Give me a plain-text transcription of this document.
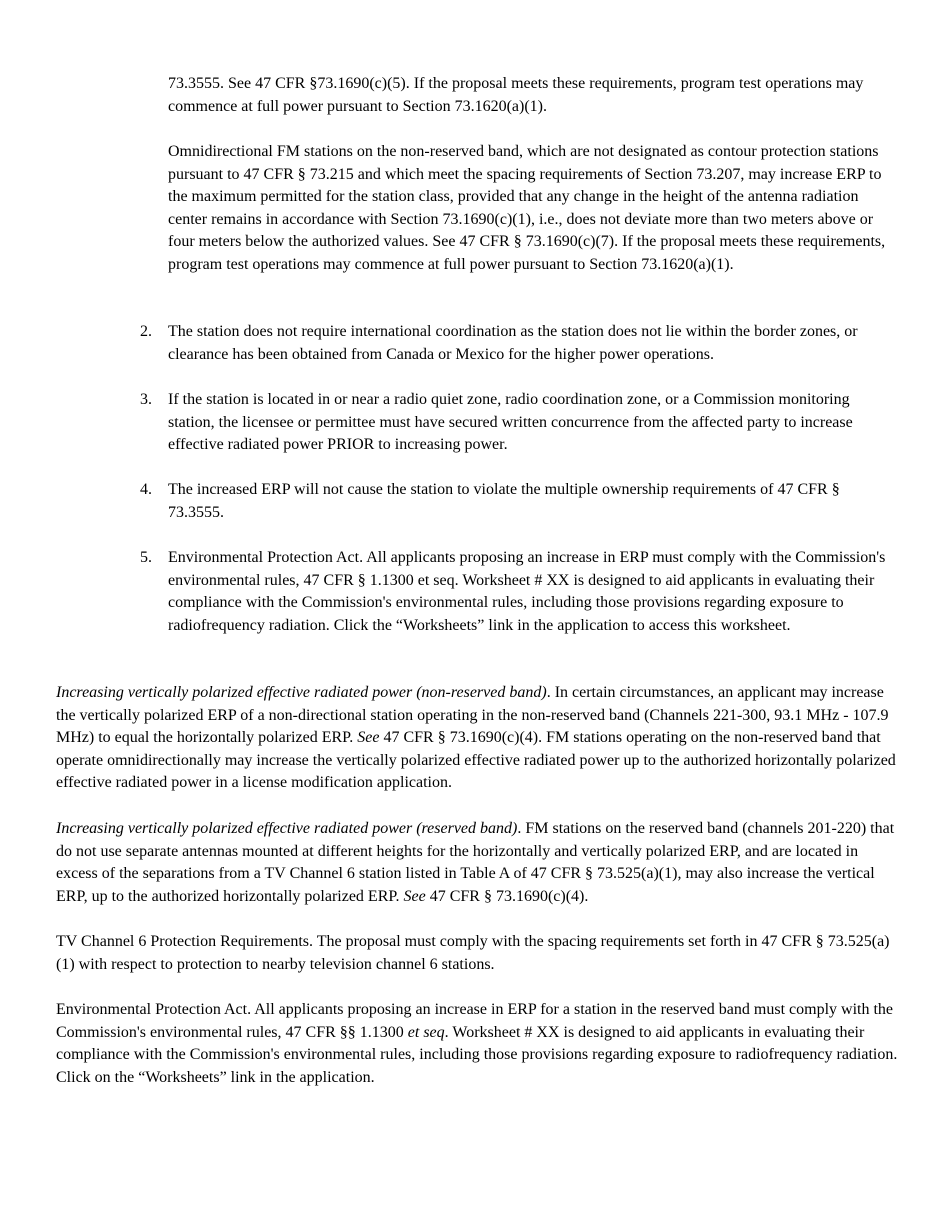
73.3555. See 47 CFR §73.1690(c)(5). If the proposal meets these requirements, program test operations may commence at full power pursuant to Section 73.1620(a)(1).

Omnidirectional FM stations on the non-reserved band, which are not designated as contour protection stations pursuant to 47 CFR § 73.215 and which meet the spacing requirements of Section 73.207, may increase ERP to the maximum permitted for the station class, provided that any change in the height of the antenna radiation center remains in accordance with Section 73.1690(c)(1), i.e., does not deviate more than two meters above or four meters below the authorized values. See 47 CFR § 73.1690(c)(7). If the proposal meets these requirements, program test operations may commence at full power pursuant to Section 73.1620(a)(1).

2.	The station does not require international coordination as the station does not lie within the border zones, or clearance has been obtained from Canada or Mexico for the higher power operations.
3.	If the station is located in or near a radio quiet zone, radio coordination zone, or a Commission monitoring station, the licensee or permittee must have secured written concurrence from the affected party to increase effective radiated power PRIOR to increasing power.
4.	The increased ERP will not cause the station to violate the multiple ownership requirements of 47 CFR § 73.3555.
5.	Environmental Protection Act. All applicants proposing an increase in ERP must comply with the Commission's environmental rules, 47 CFR § 1.1300 et seq. Worksheet # XX is designed to aid applicants in evaluating their compliance with the Commission's environmental rules, including those provisions regarding exposure to radiofrequency radiation. Click the “Worksheets” link in the application to access this worksheet.

Increasing vertically polarized effective radiated power (non-reserved band). In certain circumstances, an applicant may increase the vertically polarized ERP of a non-directional station operating in the non-reserved band (Channels 221-300, 93.1 MHz - 107.9 MHz) to equal the horizontally polarized ERP. See 47 CFR § 73.1690(c)(4). FM stations operating on the non-reserved band that operate omnidirectionally may increase the vertically polarized effective radiated power up to the authorized horizontally polarized effective radiated power in a license modification application.

Increasing vertically polarized effective radiated power (reserved band). FM stations on the reserved band (channels 201-220) that do not use separate antennas mounted at different heights for the horizontally and vertically polarized ERP, and are located in excess of the separations from a TV Channel 6 station listed in Table A of 47 CFR § 73.525(a)(1), may also increase the vertical ERP, up to the authorized horizontally polarized ERP. See 47 CFR § 73.1690(c)(4).

TV Channel 6 Protection Requirements. The proposal must comply with the spacing requirements set forth in 47 CFR § 73.525(a)(1) with respect to protection to nearby television channel 6 stations.

Environmental Protection Act. All applicants proposing an increase in ERP for a station in the reserved band must comply with the Commission's environmental rules, 47 CFR §§ 1.1300 et seq. Worksheet # XX is designed to aid applicants in evaluating their compliance with the Commission's environmental rules, including those provisions regarding exposure to radiofrequency radiation. Click on the “Worksheets” link in the application.
